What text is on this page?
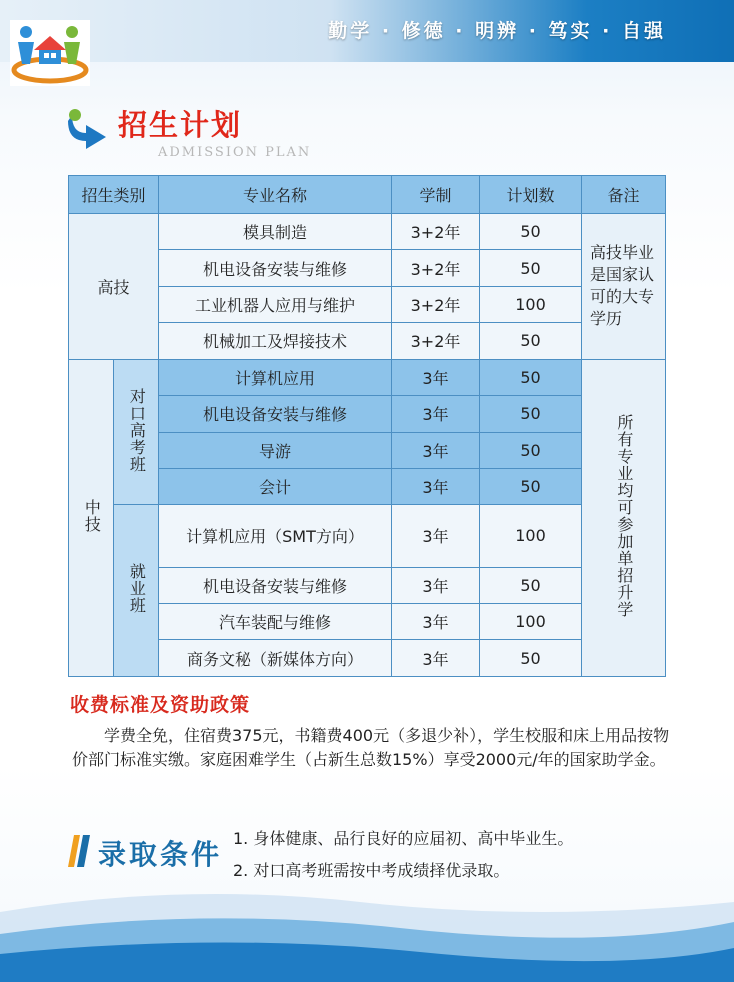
勤学 · 修德 · 明辨 · 笃实 · 自强
招生计划
ADMISSION PLAN
招生类别		专业名称	学制	计划数	备注
高技		模具制造	3+2年	50	高技毕业是国家认可的大专学历
		机电设备安装与维修	3+2年	50	
		工业机器人应用与维护	3+2年	100	
		机械加工及焊接技术	3+2年	50	
中技	对口高考班	计算机应用	3年	50	所有专业均可参加单招升学
		机电设备安装与维修	3年	50	
		导游	3年	50	
		会计	3年	50	
	就业班	计算机应用（SMT方向）	3年	100	
		机电设备安装与维修	3年	50	
		汽车装配与维修	3年	100	
		商务文秘（新媒体方向）	3年	50	
收费标准及资助政策

学费全免，住宿费375元，书籍费400元（多退少补），学生校服和床上用品按物价部门标准实缴。家庭困难学生（占新生总数15%）享受2000元/年的国家助学金。

录取条件 1. 身体健康、品行良好的应届初、高中毕业生。
2. 对口高考班需按中考成绩择优录取。
